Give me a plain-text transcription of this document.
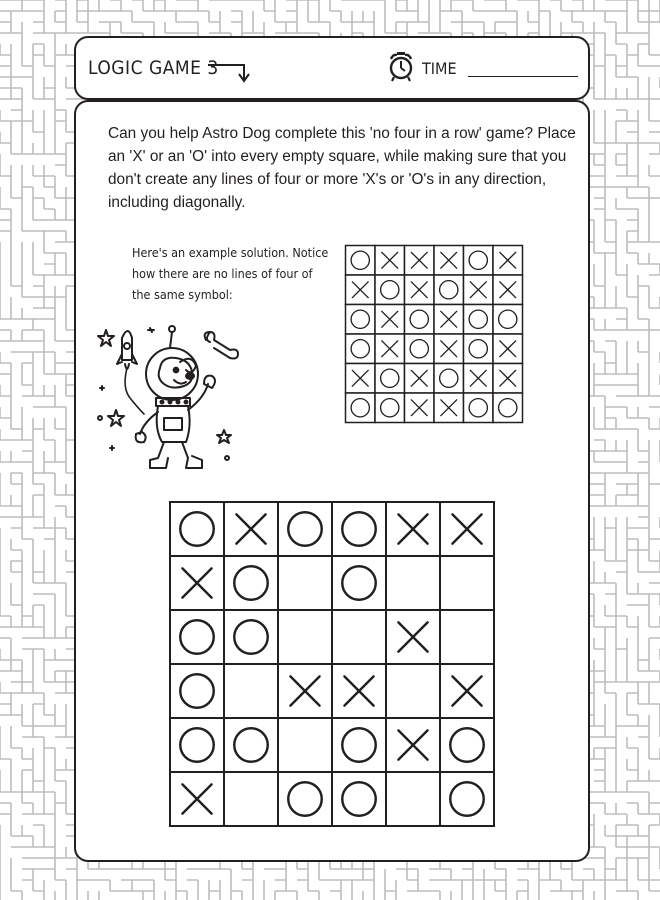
LOGIC GAME 3	TIME

Can you help Astro Dog complete this 'no four in a row' game? Place an 'X' or an 'O' into every empty square, while making sure that you don't create any lines of four or more 'X's or 'O's in any direction, including diagonally.

Here's an example solution. Notice how there are no lines of four of the same symbol:
